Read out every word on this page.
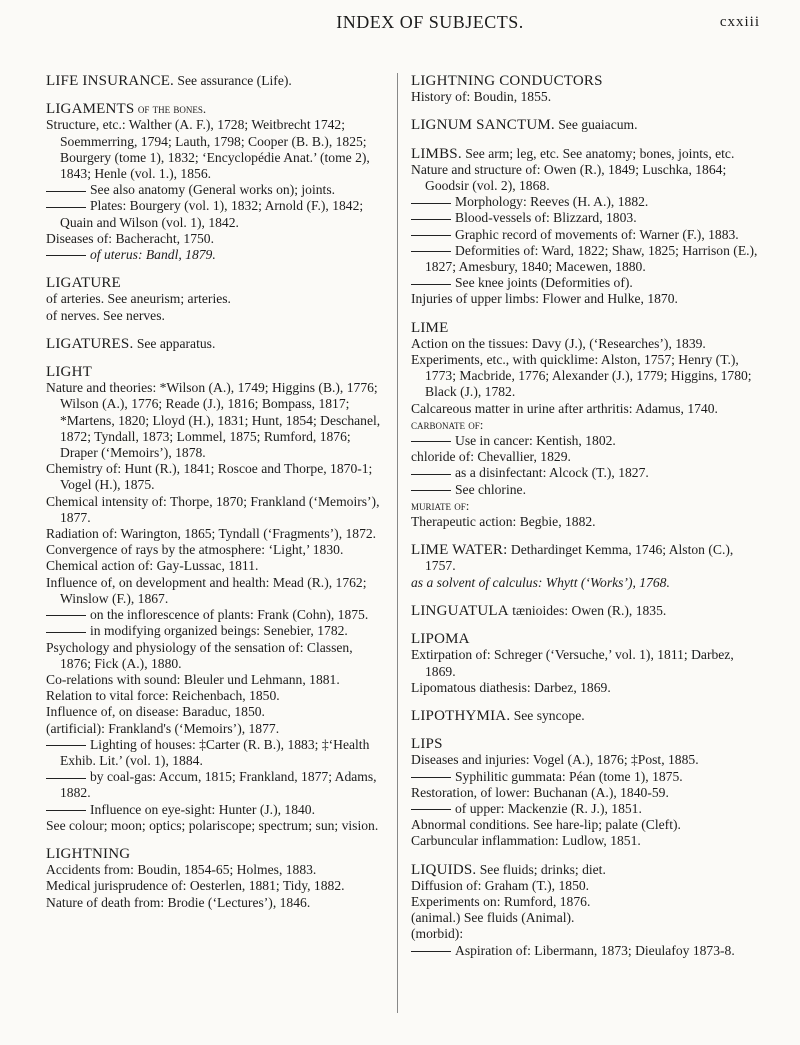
INDEX OF SUBJECTS.	cxxiii

LIFE INSURANCE. See assurance (Life).

LIGAMENTS of the bones.

Structure, etc.: Walther (A. F.), 1728; Weitbrecht 1742; Soemmerring, 1794; Lauth, 1798; Cooper (B. B.), 1825; Bourgery (tome 1), 1832; ‘Encyclopédie Anat.’ (tome 2), 1843; Henle (vol. 1.), 1856.

See also anatomy (General works on); joints.

Plates: Bourgery (vol. 1), 1832; Arnold (F.), 1842; Quain and Wilson (vol. 1), 1842.

Diseases of: Bacheracht, 1750.

of uterus: Bandl, 1879.

LIGATURE

of arteries. See aneurism; arteries.

of nerves. See nerves.

LIGATURES. See apparatus.

LIGHT

Nature and theories: *Wilson (A.), 1749; Higgins (B.), 1776; Wilson (A.), 1776; Reade (J.), 1816; Bompass, 1817; *Martens, 1820; Lloyd (H.), 1831; Hunt, 1854; Deschanel, 1872; Tyndall, 1873; Lommel, 1875; Rumford, 1876; Draper (‘Memoirs’), 1878.

Chemistry of: Hunt (R.), 1841; Roscoe and Thorpe, 1870-1; Vogel (H.), 1875.

Chemical intensity of: Thorpe, 1870; Frankland (‘Memoirs’), 1877.

Radiation of: Warington, 1865; Tyndall (‘Fragments’), 1872.

Convergence of rays by the atmosphere: ‘Light,’ 1830.

Chemical action of: Gay-Lussac, 1811.

Influence of, on development and health: Mead (R.), 1762; Winslow (F.), 1867.

on the inflorescence of plants: Frank (Cohn), 1875.

in modifying organized beings: Senebier, 1782.

Psychology and physiology of the sensation of: Classen, 1876; Fick (A.), 1880.

Co-relations with sound: Bleuler und Lehmann, 1881.

Relation to vital force: Reichenbach, 1850.

Influence of, on disease: Baraduc, 1850.

(artificial): Frankland's (‘Memoirs’), 1877.

Lighting of houses: ‡Carter (R. B.), 1883; ‡‘Health Exhib. Lit.’ (vol. 1), 1884.

by coal-gas: Accum, 1815; Frankland, 1877; Adams, 1882.

Influence on eye-sight: Hunter (J.), 1840.

See colour; moon; optics; polariscope; spectrum; sun; vision.

LIGHTNING

Accidents from: Boudin, 1854-65; Holmes, 1883.

Medical jurisprudence of: Oesterlen, 1881; Tidy, 1882.

Nature of death from: Brodie (‘Lectures’), 1846.

LIGHTNING CONDUCTORS

History of: Boudin, 1855.

LIGNUM SANCTUM. See guaiacum.

LIMBS. See arm; leg, etc. See anatomy; bones, joints, etc.

Nature and structure of: Owen (R.), 1849; Luschka, 1864; Goodsir (vol. 2), 1868.

Morphology: Reeves (H. A.), 1882.

Blood-vessels of: Blizzard, 1803.

Graphic record of movements of: Warner (F.), 1883.

Deformities of: Ward, 1822; Shaw, 1825; Harrison (E.), 1827; Amesbury, 1840; Macewen, 1880.

See knee joints (Deformities of).

Injuries of upper limbs: Flower and Hulke, 1870.

LIME

Action on the tissues: Davy (J.), (‘Researches’), 1839.

Experiments, etc., with quicklime: Alston, 1757; Henry (T.), 1773; Macbride, 1776; Alexander (J.), 1779; Higgins, 1780; Black (J.), 1782.

Calcareous matter in urine after arthritis: Adamus, 1740.

carbonate of:

Use in cancer: Kentish, 1802.

chloride of: Chevallier, 1829.

as a disinfectant: Alcock (T.), 1827.

See chlorine.

muriate of:

Therapeutic action: Begbie, 1882.

LIME WATER: Dethardinget Kemma, 1746; Alston (C.), 1757.

as a solvent of calculus: Whytt (‘Works’), 1768.

LINGUATULA tænioides: Owen (R.), 1835.

LIPOMA

Extirpation of: Schreger (‘Versuche,’ vol. 1), 1811; Darbez, 1869.

Lipomatous diathesis: Darbez, 1869.

LIPOTHYMIA. See syncope.

LIPS

Diseases and injuries: Vogel (A.), 1876; ‡Post, 1885.

Syphilitic gummata: Péan (tome 1), 1875.

Restoration, of lower: Buchanan (A.), 1840-59.

of upper: Mackenzie (R. J.), 1851.

Abnormal conditions. See hare-lip; palate (Cleft).

Carbuncular inflammation: Ludlow, 1851.

LIQUIDS. See fluids; drinks; diet.

Diffusion of: Graham (T.), 1850.

Experiments on: Rumford, 1876.

(animal.) See fluids (Animal).

(morbid):

Aspiration of: Libermann, 1873; Dieulafoy 1873-8.
